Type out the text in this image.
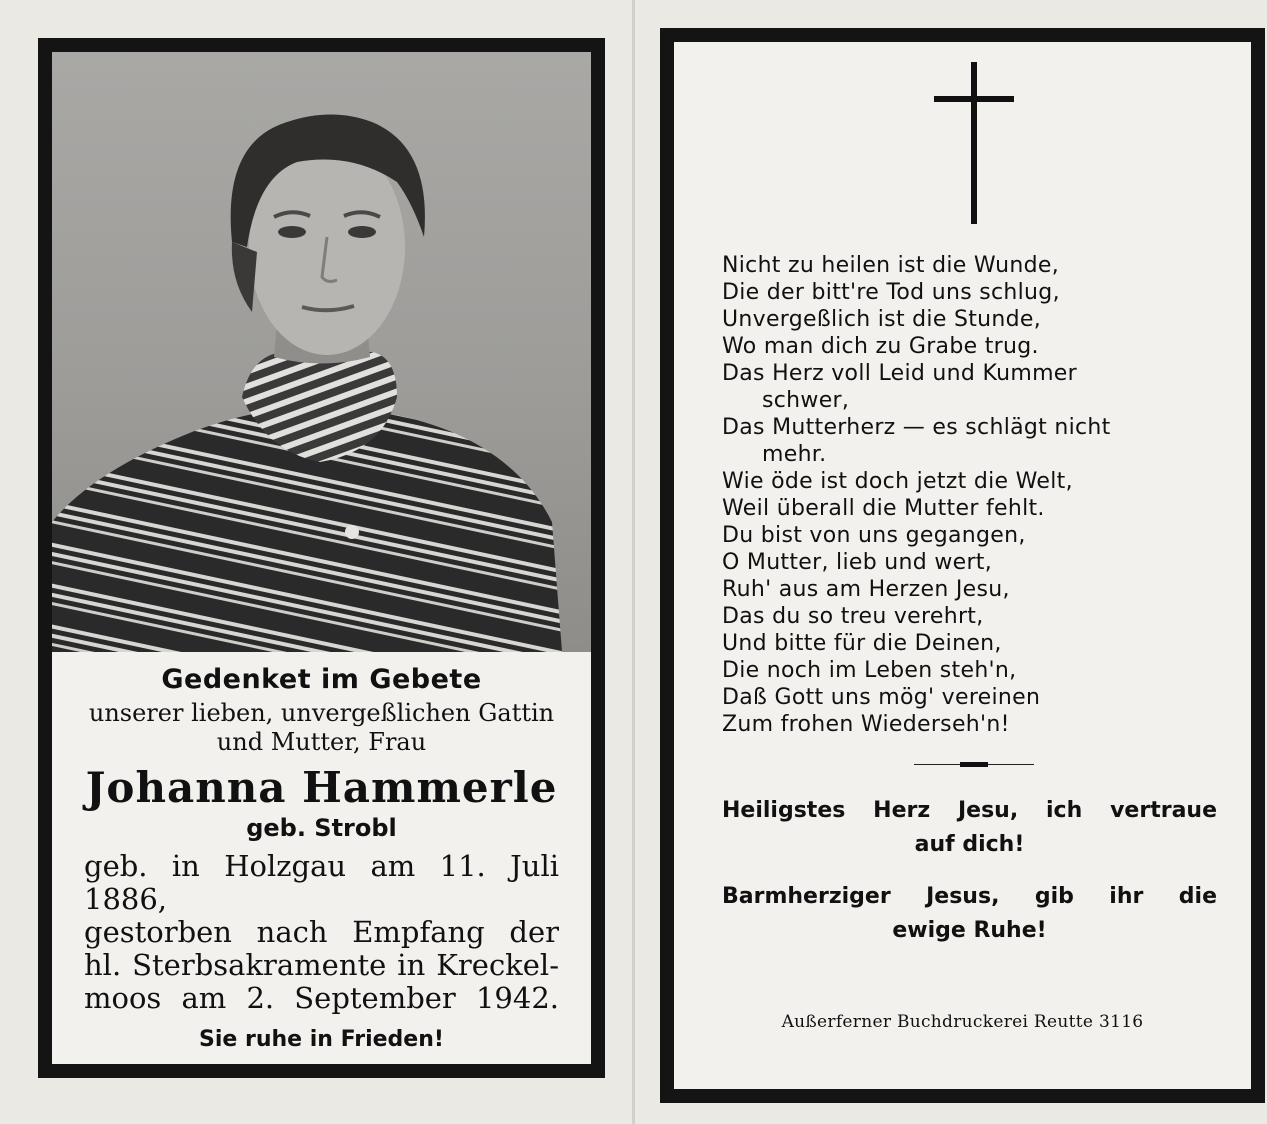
Gedenket im Gebete
unserer lieben, unvergeßlichen Gattin
und Mutter, Frau
Johanna Hammerle
geb. Strobl
geb. in Holzgau am 11. Juli 1886,
gestorben nach Empfang der
hl. Sterbsakramente in Kreckel-
moos am 2. September 1942.
Sie ruhe in Frieden!
Nicht zu heilen ist die Wunde,
Die der bitt're Tod uns schlug,
Unvergeßlich ist die Stunde,
Wo man dich zu Grabe trug.
Das Herz voll Leid und Kummer
schwer,
Das Mutterherz — es schlägt nicht
mehr.
Wie öde ist doch jetzt die Welt,
Weil überall die Mutter fehlt.
Du bist von uns gegangen,
O Mutter, lieb und wert,
Ruh' aus am Herzen Jesu,
Das du so treu verehrt,
Und bitte für die Deinen,
Die noch im Leben steh'n,
Daß Gott uns mög' vereinen
Zum frohen Wiederseh'n!
Heiligstes Herz Jesu, ich vertraue
auf dich!
Barmherziger Jesus, gib ihr die
ewige Ruhe!
Außerferner Buchdruckerei Reutte 3116
